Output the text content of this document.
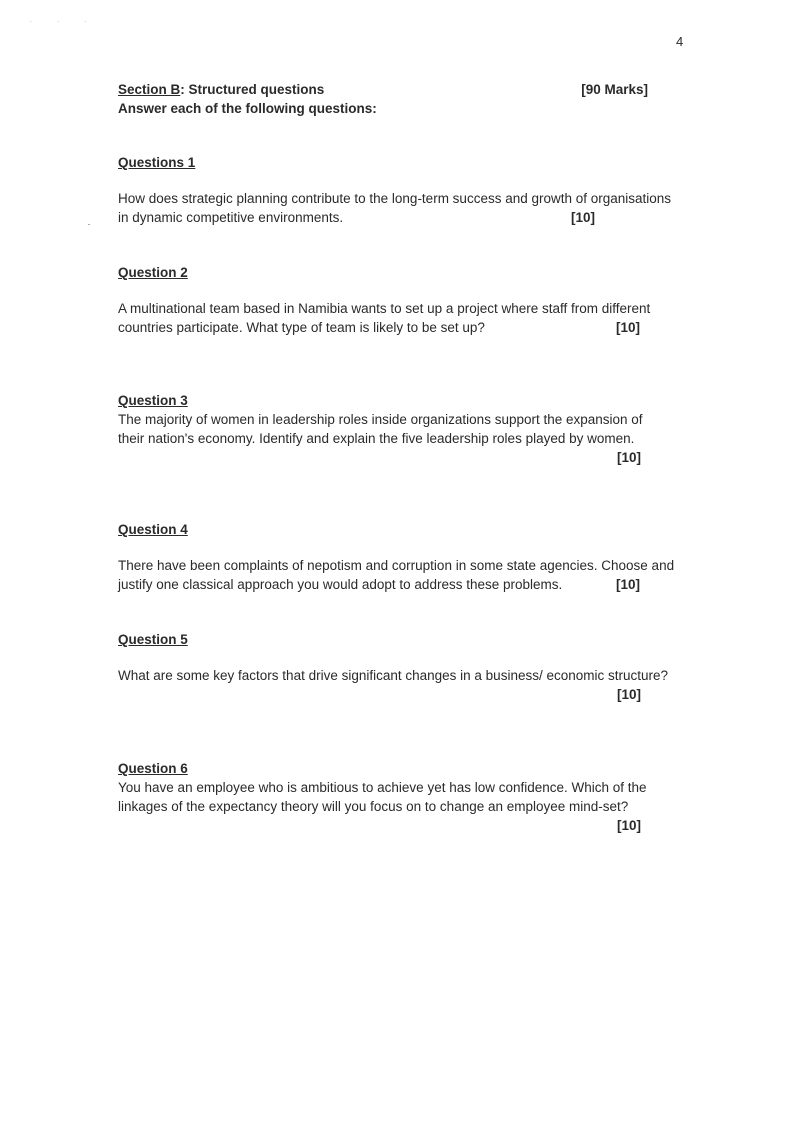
. . .
4
Section B: Structured questions	[90 Marks]
Answer each of the following questions:
Questions 1
How does strategic planning contribute to the long-term success and growth of organisations
in dynamic competitive environments.	[10]
Question 2
A multinational team based in Namibia wants to set up a project where staff from different
countries participate. What type of team is likely to be set up?	[10]
Question 3
The majority of women in leadership roles inside organizations support the expansion of
their nation's economy. Identify and explain the five leadership roles played by women.
[10]
Question 4
There have been complaints of nepotism and corruption in some state agencies. Choose and
justify one classical approach you would adopt to address these problems.	[10]
Question 5
What are some key factors that drive significant changes in a business/ economic structure?
[10]
Question 6
You have an employee who is ambitious to achieve yet has low confidence. Which of the
linkages of the expectancy theory will you focus on to change an employee mind-set?
[10]
